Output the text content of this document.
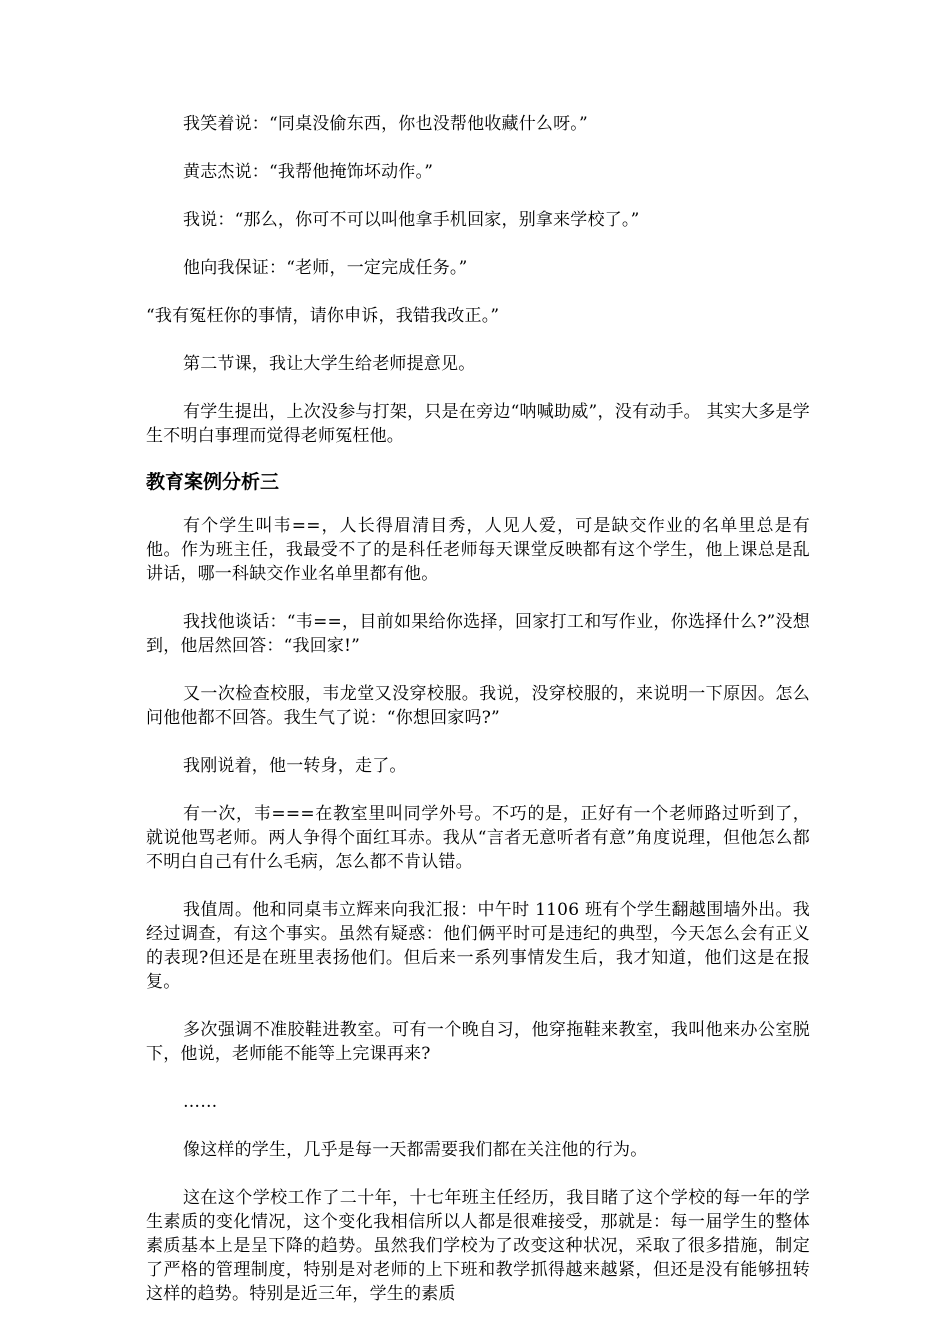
我笑着说：“同桌没偷东西，你也没帮他收藏什么呀。”

黄志杰说：“我帮他掩饰坏动作。”

我说：“那么，你可不可以叫他拿手机回家，别拿来学校了。”

他向我保证：“老师，一定完成任务。”

“我有冤枉你的事情，请你申诉，我错我改正。”

第二节课，我让大学生给老师提意见。

有学生提出，上次没参与打架，只是在旁边“呐喊助威”，没有动手。 其实大多是学生不明白事理而觉得老师冤枉他。

教育案例分析三

有个学生叫韦==，人长得眉清目秀，人见人爱，可是缺交作业的名单里总是有他。作为班主任，我最受不了的是科任老师每天课堂反映都有这个学生，他上课总是乱讲话，哪一科缺交作业名单里都有他。

我找他谈话：“韦==，目前如果给你选择，回家打工和写作业，你选择什么?”没想到，他居然回答：“我回家!”

又一次检查校服，韦龙堂又没穿校服。我说，没穿校服的，来说明一下原因。怎么问他他都不回答。我生气了说：“你想回家吗?”

我刚说着，他一转身，走了。

有一次，韦===在教室里叫同学外号。不巧的是，正好有一个老师路过听到了，就说他骂老师。两人争得个面红耳赤。我从“言者无意听者有意”角度说理，但他怎么都不明白自己有什么毛病，怎么都不肯认错。

我值周。他和同桌韦立辉来向我汇报：中午时 1106 班有个学生翻越围墙外出。我经过调查，有这个事实。虽然有疑惑：他们俩平时可是违纪的典型，今天怎么会有正义的表现?但还是在班里表扬他们。但后来一系列事情发生后，我才知道，他们这是在报复。

多次强调不准胶鞋进教室。可有一个晚自习，他穿拖鞋来教室，我叫他来办公室脱下，他说，老师能不能等上完课再来?

……

像这样的学生，几乎是每一天都需要我们都在关注他的行为。

这在这个学校工作了二十年，十七年班主任经历，我目睹了这个学校的每一年的学生素质的变化情况，这个变化我相信所以人都是很难接受，那就是：每一届学生的整体素质基本上是呈下降的趋势。虽然我们学校为了改变这种状况，采取了很多措施，制定了严格的管理制度，特别是对老师的上下班和教学抓得越来越紧，但还是没有能够扭转这样的趋势。特别是近三年，学生的素质
